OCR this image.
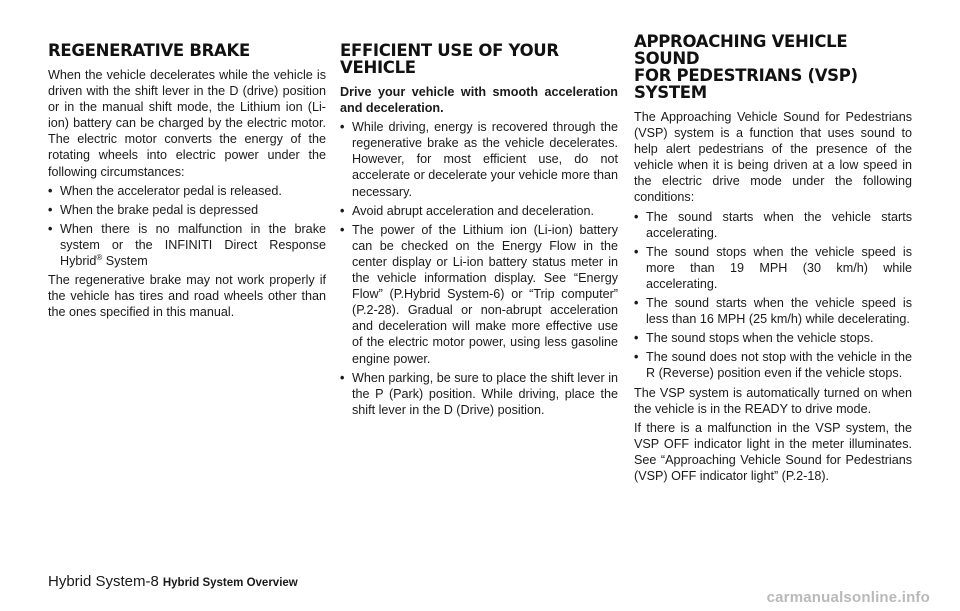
REGENERATIVE BRAKE

When the vehicle decelerates while the vehicle is driven with the shift lever in the D (drive) position or in the manual shift mode, the Lithium ion (Li-ion) battery can be charged by the electric motor. The electric motor converts the energy of the rotating wheels into electric power under the following circumstances:

• When the accelerator pedal is released.
• When the brake pedal is depressed
• When there is no malfunction in the brake system or the INFINITI Direct Response Hybrid® System

The regenerative brake may not work properly if the vehicle has tires and road wheels other than the ones specified in this manual.

EFFICIENT USE OF YOUR VEHICLE

Drive your vehicle with smooth acceleration and deceleration.

• While driving, energy is recovered through the regenerative brake as the vehicle decelerates. However, for most efficient use, do not accelerate or decelerate your vehicle more than necessary.
• Avoid abrupt acceleration and deceleration.
• The power of the Lithium ion (Li-ion) battery can be checked on the Energy Flow in the center display or Li-ion battery status meter in the vehicle information display. See “Energy Flow” (P.Hybrid System-6) or “Trip computer” (P.2-28). Gradual or non-abrupt acceleration and deceleration will make more effective use of the electric motor power, using less gasoline engine power.
• When parking, be sure to place the shift lever in the P (Park) position. While driving, place the shift lever in the D (Drive) position.
APPROACHING VEHICLE SOUND
FOR PEDESTRIANS (VSP) SYSTEM

The Approaching Vehicle Sound for Pedestrians (VSP) system is a function that uses sound to help alert pedestrians of the presence of the vehicle when it is being driven at a low speed in the electric drive mode under the following conditions:

• The sound starts when the vehicle starts accelerating.
• The sound stops when the vehicle speed is more than 19 MPH (30 km/h) while accelerating.
• The sound starts when the vehicle speed is less than 16 MPH (25 km/h) while decelerating.
• The sound stops when the vehicle stops.
• The sound does not stop with the vehicle in the R (Reverse) position even if the vehicle stops.

The VSP system is automatically turned on when the vehicle is in the READY to drive mode.

If there is a malfunction in the VSP system, the VSP OFF indicator light in the meter illuminates. See “Approaching Vehicle Sound for Pedestrians (VSP) OFF indicator light” (P.2-18).

Hybrid System-8 Hybrid System Overview
carmanualsonline.info
